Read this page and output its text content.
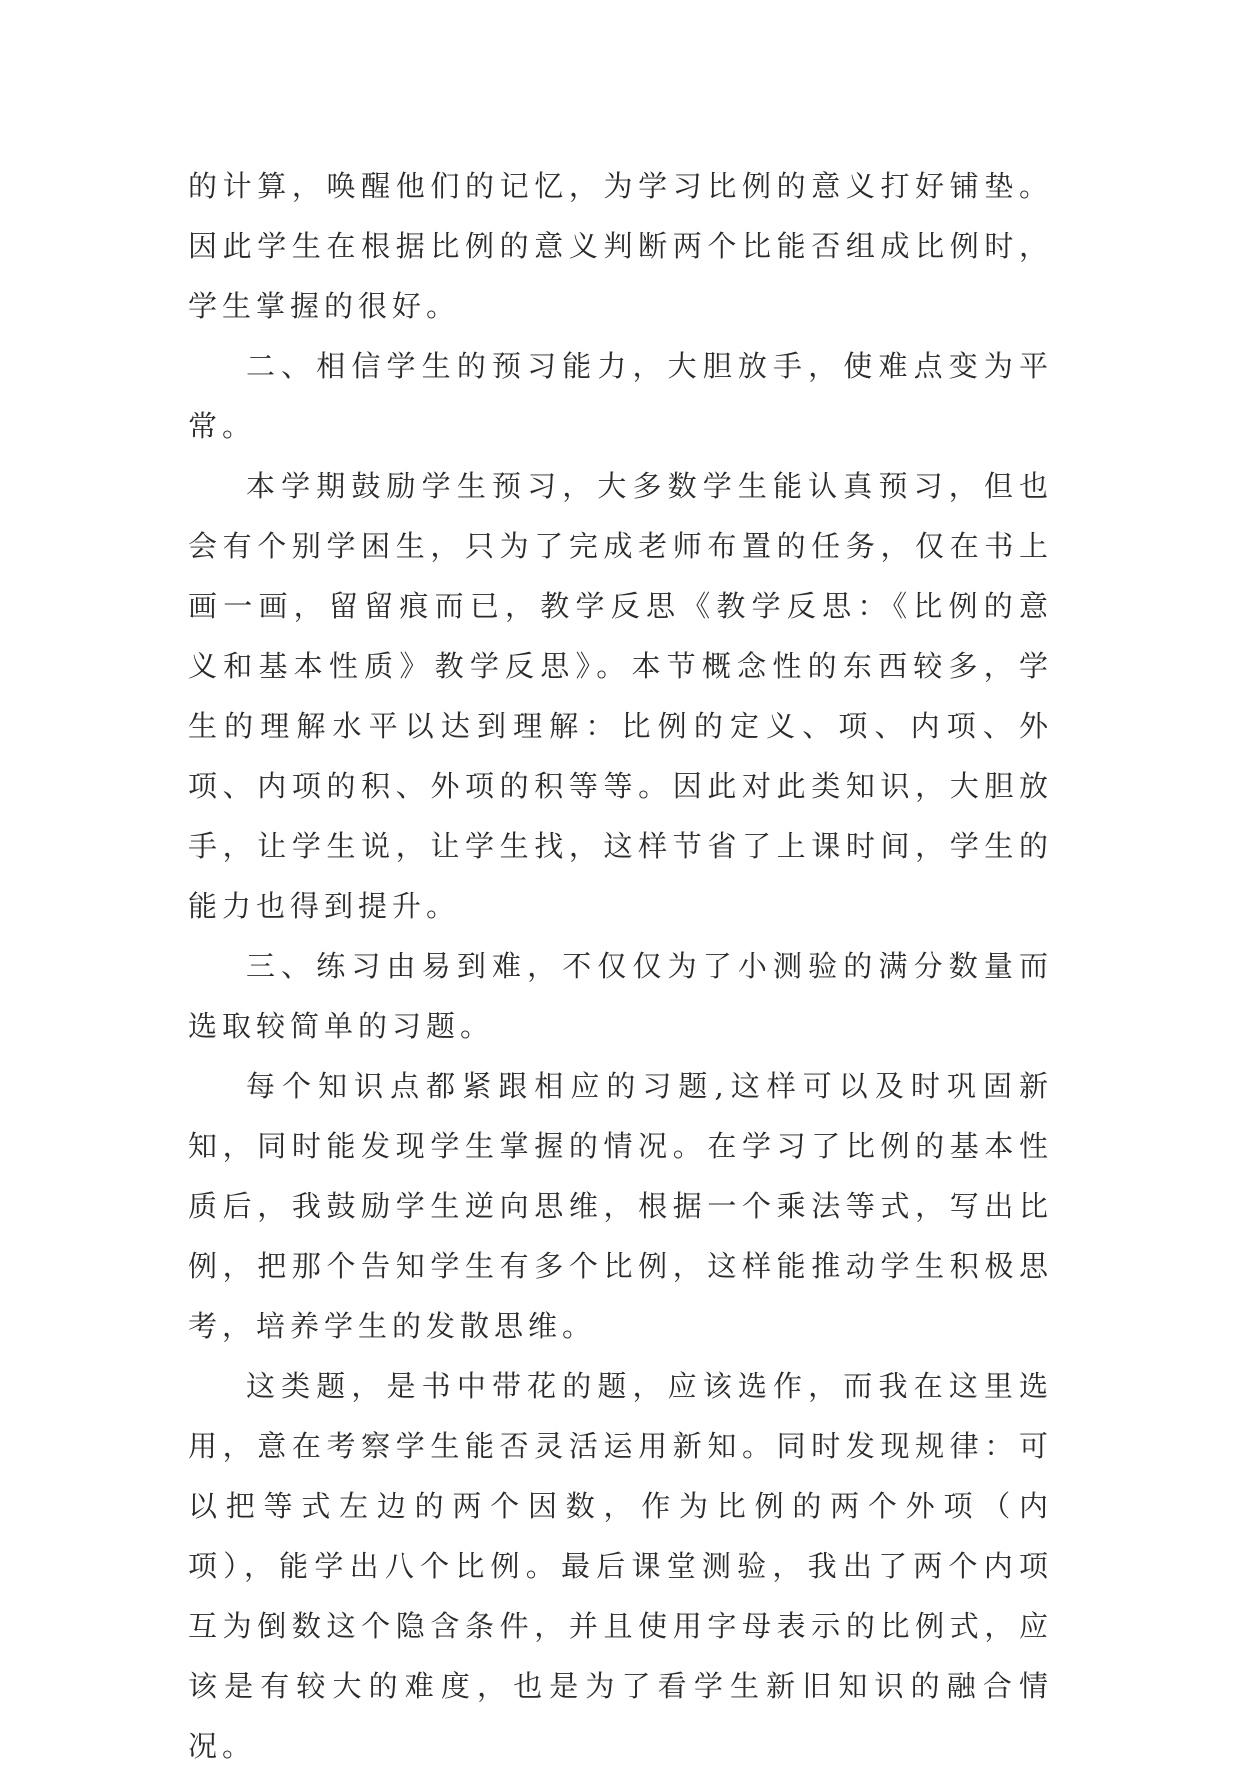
的计算，唤醒他们的记忆，为学习比例的意义打好铺垫。因此学生在根据比例的意义判断两个比能否组成比例时，学生掌握的很好。

二、相信学生的预习能力，大胆放手，使难点变为平常。

本学期鼓励学生预习，大多数学生能认真预习，但也会有个别学困生，只为了完成老师布置的任务，仅在书上画一画，留留痕而已，教学反思《教学反思：《比例的意义和基本性质》教学反思》。本节概念性的东西较多，学生的理解水平以达到理解：比例的定义、项、内项、外项、内项的积、外项的积等等。因此对此类知识，大胆放手，让学生说，让学生找，这样节省了上课时间，学生的能力也得到提升。

三、练习由易到难，不仅仅为了小测验的满分数量而选取较简单的习题。

每个知识点都紧跟相应的习题,这样可以及时巩固新知，同时能发现学生掌握的情况。在学习了比例的基本性质后，我鼓励学生逆向思维，根据一个乘法等式，写出比例，把那个告知学生有多个比例，这样能推动学生积极思考，培养学生的发散思维。

这类题，是书中带花的题，应该选作，而我在这里选用，意在考察学生能否灵活运用新知。同时发现规律：可以把等式左边的两个因数，作为比例的两个外项（内项），能学出八个比例。最后课堂测验，我出了两个内项互为倒数这个隐含条件，并且使用字母表示的比例式，应该是有较大的难度，也是为了看学生新旧知识的融合情况。
